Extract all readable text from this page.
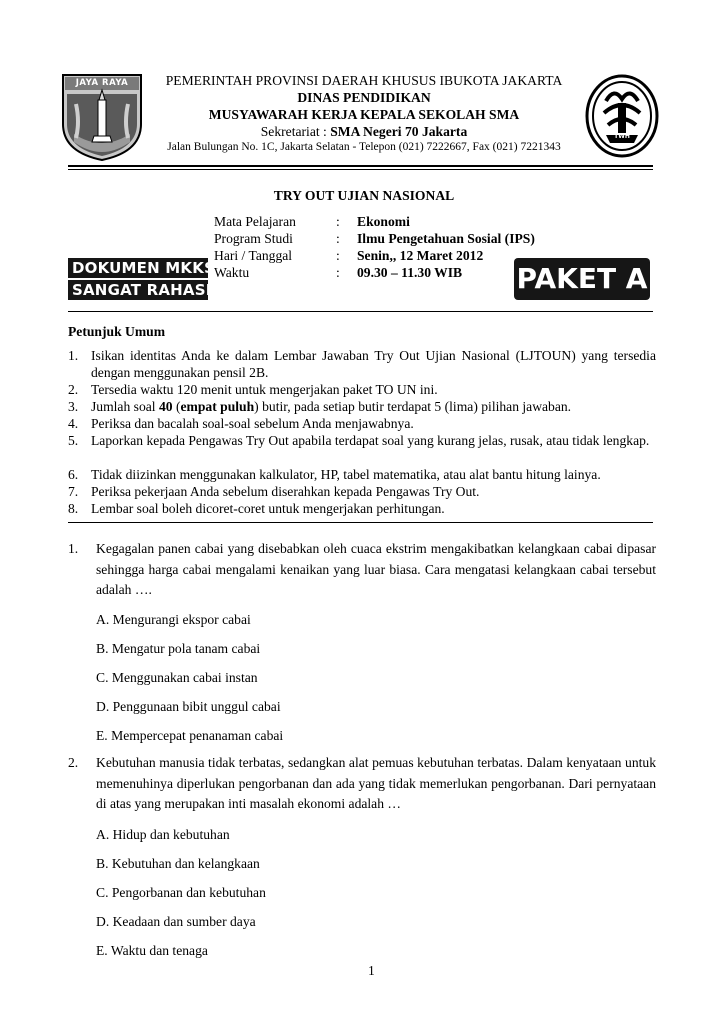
JAYA RAYA
TWH
PEMERINTAH PROVINSI DAERAH KHUSUS IBUKOTA JAKARTA
DINAS PENDIDIKAN
MUSYAWARAH KERJA KEPALA SEKOLAH SMA
Sekretariat : SMA Negeri 70 Jakarta
Jalan Bulungan No. 1C, Jakarta Selatan - Telepon (021) 7222667, Fax (021) 7221343
TRY OUT UJIAN NASIONAL
Mata Pelajaran	: Ekonomi
Program Studi	: Ilmu Pengetahuan Sosial (IPS)
Hari / Tanggal	: Senin,, 12 Maret 2012
Waktu	: 09.30 – 11.30 WIB
DOKUMEN MKKS
SANGAT RAHASIA	PAKET A
Petunjuk Umum
1. Isikan identitas Anda ke dalam Lembar Jawaban Try Out Ujian Nasional (LJTOUN) yang tersedia dengan menggunakan pensil 2B.
2. Tersedia waktu 120 menit untuk mengerjakan paket TO UN ini.
3. Jumlah soal 40 (empat puluh) butir, pada setiap butir terdapat 5 (lima) pilihan jawaban.
4. Periksa dan bacalah soal-soal sebelum Anda menjawabnya.
5. Laporkan kepada Pengawas Try Out apabila terdapat soal yang kurang jelas, rusak, atau tidak lengkap.
6. Tidak diizinkan menggunakan kalkulator, HP, tabel matematika, atau alat bantu hitung lainya.
7. Periksa pekerjaan Anda sebelum diserahkan kepada Pengawas Try Out.
8. Lembar soal boleh dicoret-coret untuk mengerjakan perhitungan.
1. Kegagalan panen cabai yang disebabkan oleh cuaca ekstrim mengakibatkan kelangkaan cabai dipasar sehingga harga cabai mengalami kenaikan yang luar biasa. Cara mengatasi kelangkaan cabai tersebut adalah ….
A. Mengurangi ekspor cabai
B. Mengatur pola tanam cabai
C. Menggunakan cabai instan
D. Penggunaan bibit unggul cabai
E. Mempercepat penanaman cabai
2. Kebutuhan manusia tidak terbatas, sedangkan alat pemuas kebutuhan terbatas. Dalam kenyataan untuk memenuhinya diperlukan pengorbanan dan ada yang tidak memerlukan pengorbanan. Dari pernyataan di atas yang merupakan inti masalah ekonomi adalah …
A. Hidup dan kebutuhan
B. Kebutuhan dan kelangkaan
C. Pengorbanan dan kebutuhan
D. Keadaan dan sumber daya
E. Waktu dan tenaga
1
